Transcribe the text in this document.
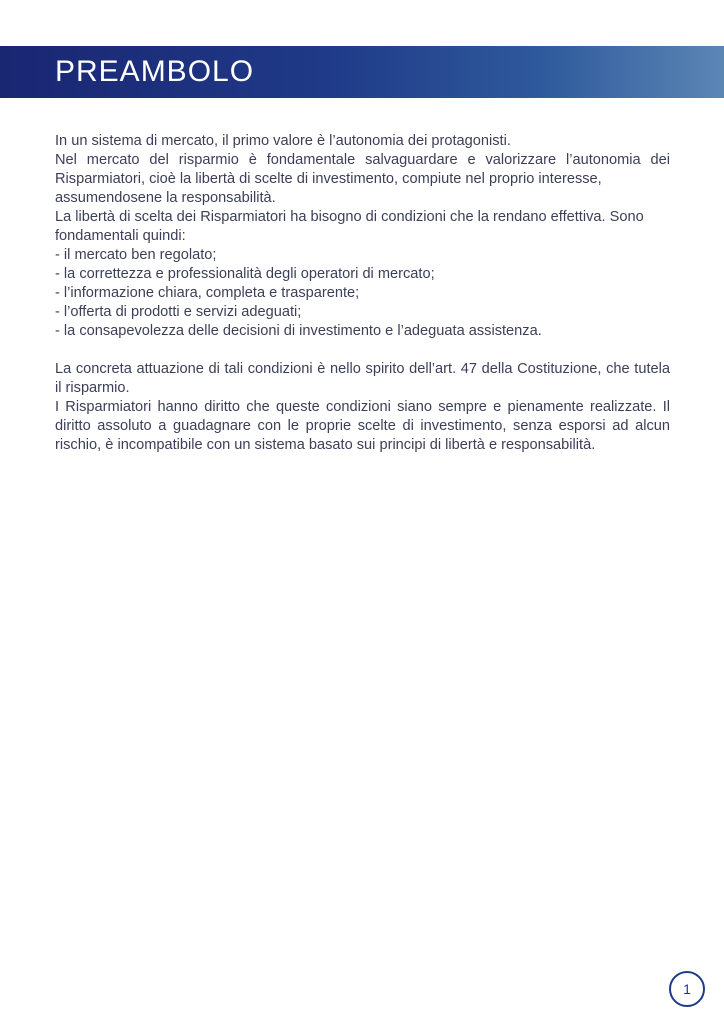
PREAMBOLO

In un sistema di mercato, il primo valore è l’autonomia dei protagonisti.

Nel mercato del risparmio è fondamentale salvaguardare e valorizzare l’autonomia dei Risparmiatori, cioè la libertà di scelte di investimento, compiute nel proprio interesse,

assumendosene la responsabilità.

La libertà di scelta dei Risparmiatori ha bisogno di condizioni che la rendano effettiva. Sono

fondamentali quindi:

- il mercato ben regolato;
- la correttezza e professionalità degli operatori di mercato;
- l’informazione chiara, completa e trasparente;
- l’offerta di prodotti e servizi adeguati;
- la consapevolezza delle decisioni di investimento e l’adeguata assistenza.

La concreta attuazione di tali condizioni è nello spirito dell’art. 47 della Costituzione, che tutela il risparmio.

I Risparmiatori hanno diritto che queste condizioni siano sempre e pienamente realizzate. Il diritto assoluto a guadagnare con le proprie scelte di investimento, senza esporsi ad alcun rischio, è incompatibile con un sistema basato sui principi di libertà e responsabilità.

1
